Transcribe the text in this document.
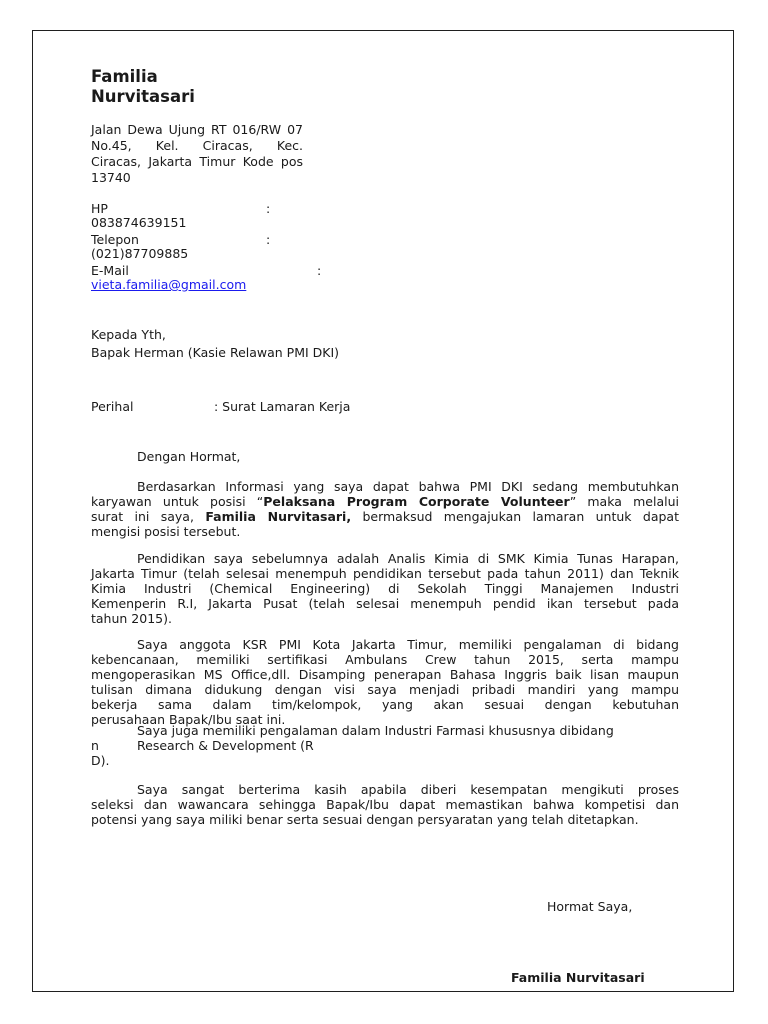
Familia
Nurvitasari
Jalan Dewa Ujung RT 016/RW 07
No.45, Kel. Ciracas, Kec.
Ciracas, Jakarta Timur Kode pos
13740
HP	:
083874639151
Telepon	:
(021)87709885
E-Mail	:
vieta.familia@gmail.com
Kepada Yth,
Bapak Herman (Kasie Relawan PMI DKI)
Perihal	: Surat Lamaran Kerja
Dengan Hormat,
Berdasarkan Informasi yang saya dapat bahwa PMI DKI sedang membutuhkan
karyawan untuk posisi “Pelaksana Program Corporate Volunteer” maka melalui
surat ini saya, Familia Nurvitasari, bermaksud mengajukan lamaran untuk dapat
mengisi posisi tersebut.
Pendidikan saya sebelumnya adalah Analis Kimia di SMK Kimia Tunas Harapan,
Jakarta Timur (telah selesai menempuh pendidikan tersebut pada tahun 2011) dan Teknik
Kimia Industri (Chemical Engineering) di Sekolah Tinggi Manajemen Industri
Kemenperin R.I, Jakarta Pusat (telah selesai menempuh pendid ikan tersebut pada
tahun 2015).
Saya anggota KSR PMI Kota Jakarta Timur, memiliki pengalaman di bidang
kebencanaan, memiliki sertifikasi Ambulans Crew tahun 2015, serta mampu
mengoperasikan MS Office,dll. Disamping penerapan Bahasa Inggris baik lisan maupun
tulisan dimana didukung dengan visi saya menjadi pribadi mandiri yang mampu
bekerja sama dalam tim/kelompok, yang akan sesuai dengan kebutuhan
perusahaan Bapak/Ibu saat ini.
Saya juga memiliki pengalaman dalam Industri Farmasi khususnya dibidang
n	Research & Development (R
D).
Saya sangat berterima kasih apabila diberi kesempatan mengikuti proses
seleksi dan wawancara sehingga Bapak/Ibu dapat memastikan bahwa kompetisi dan
potensi yang saya miliki benar serta sesuai dengan persyaratan yang telah ditetapkan.
Hormat Saya,
Familia Nurvitasari
